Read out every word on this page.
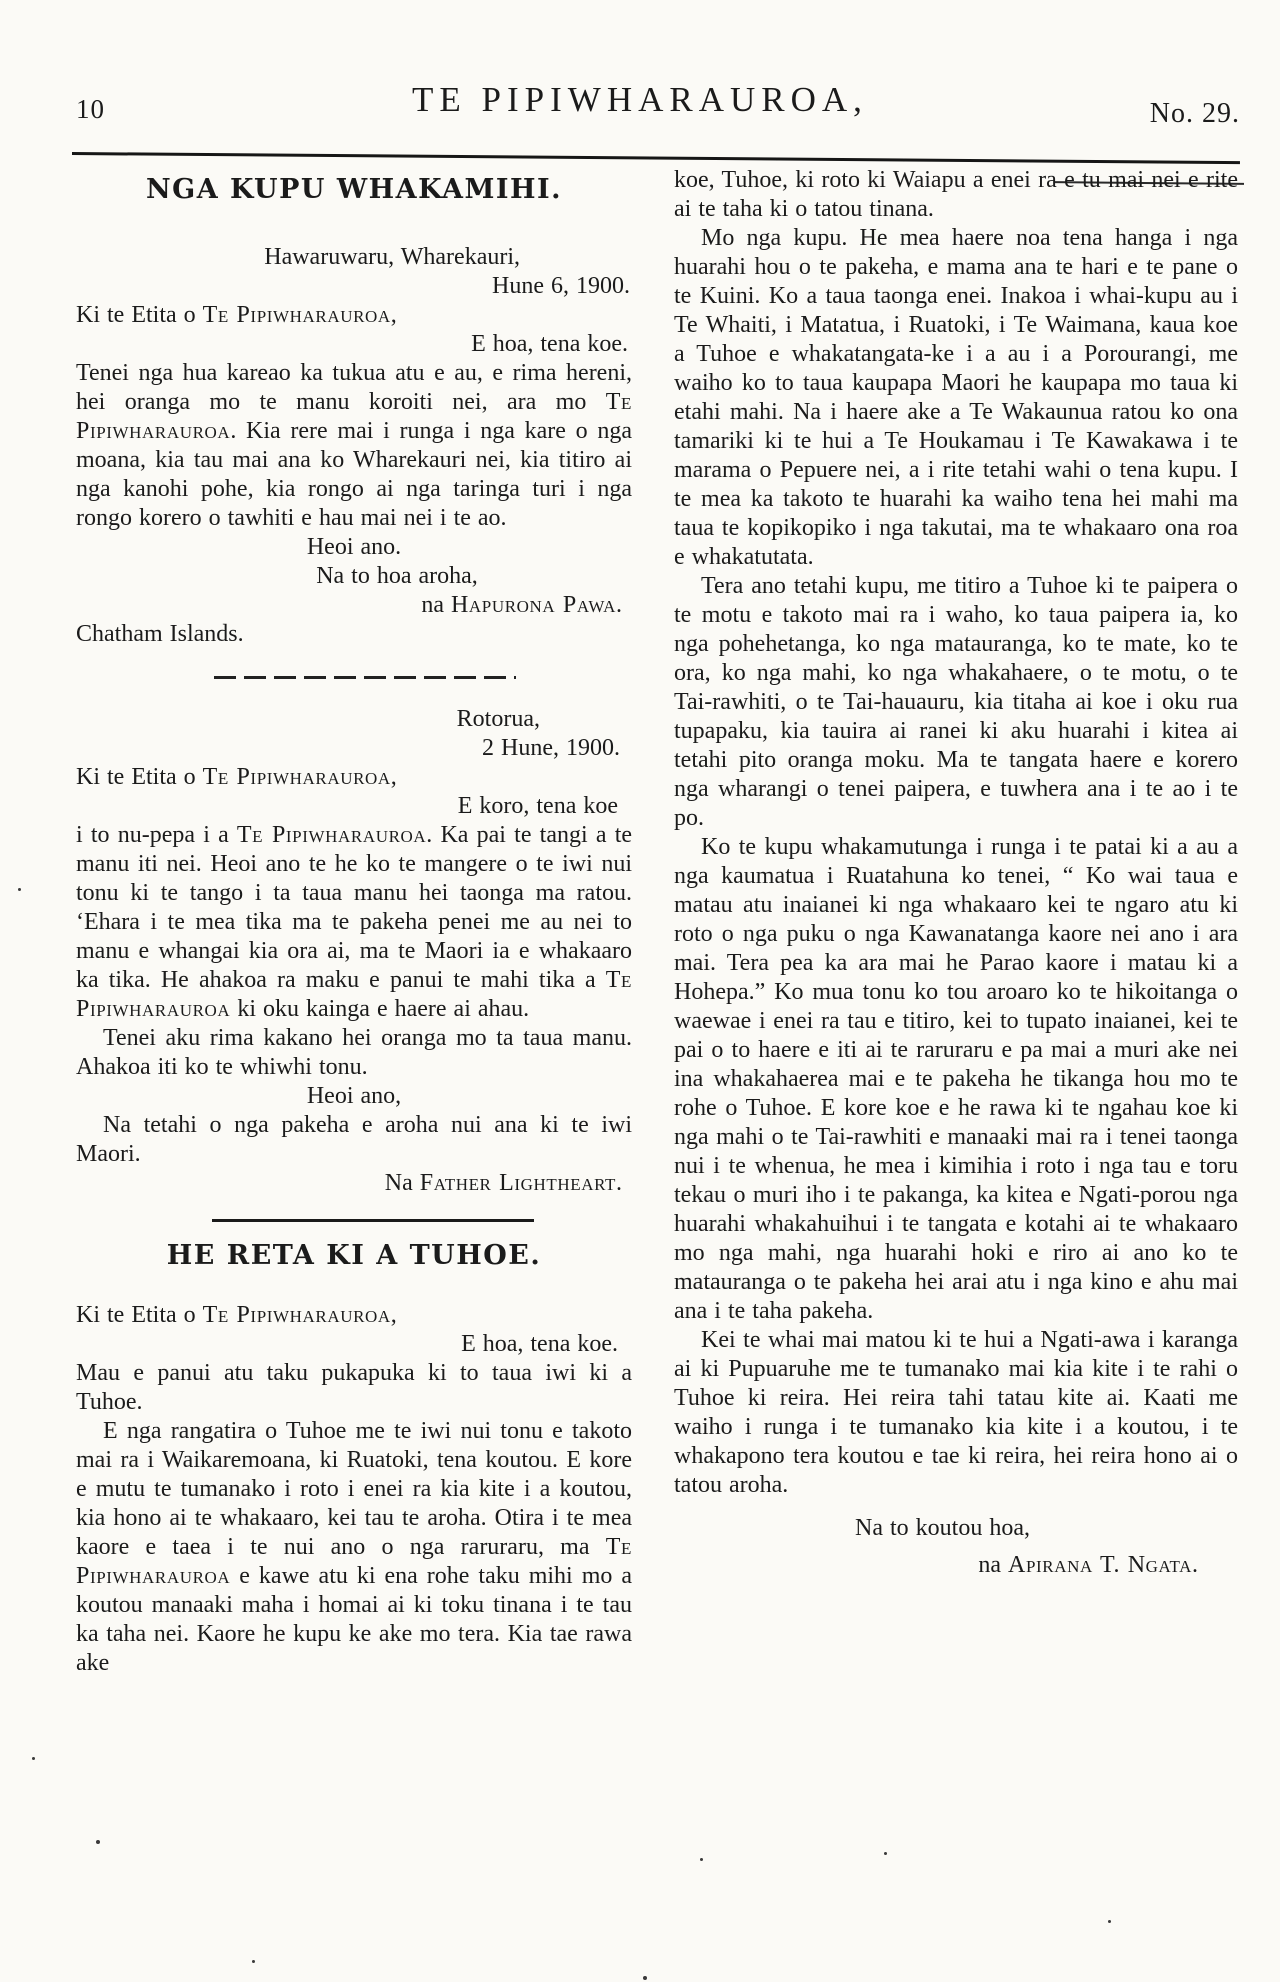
10	TE PIPIWHARAUROA,	No. 29.
NGA KUPU WHAKAMIHI.
Hawaruwaru, Wharekauri,
Hune 6, 1900.
Ki te Etita o Te Pipiwharauroa,
E hoa, tena koe.

Tenei nga hua kareao ka tukua atu e au, e rima hereni, hei oranga mo te manu koroiti nei, ara mo Te Pipiwharauroa. Kia rere mai i runga i nga kare o nga moana, kia tau mai ana ko Wharekauri nei, kia titiro ai nga kanohi pohe, kia rongo ai nga taringa turi i nga rongo korero o tawhiti e hau mai nei i te ao.

Heoi ano.
Na to hoa aroha,
na Hapurona Pawa.
Chatham Islands.
Rotorua,
2 Hune, 1900.
Ki te Etita o Te Pipiwharauroa,
E koro, tena koe

i to nu-pepa i a Te Pipiwharauroa. Ka pai te tangi a te manu iti nei. Heoi ano te he ko te mangere o te iwi nui tonu ki te tango i ta taua manu hei taonga ma ratou. ‘Ehara i te mea tika ma te pakeha penei me au nei to manu e whangai kia ora ai, ma te Maori ia e whakaaro ka tika. He ahakoa ra maku e panui te mahi tika a Te Pipiwharauroa ki oku kainga e haere ai ahau.

Tenei aku rima kakano hei oranga mo ta taua manu. Ahakoa iti ko te whiwhi tonu.

Heoi ano,

Na tetahi o nga pakeha e aroha nui ana ki te iwi Maori.

Na Father Lightheart.
HE RETA KI A TUHOE.
Ki te Etita o Te Pipiwharauroa,
E hoa, tena koe.

Mau e panui atu taku pukapuka ki to taua iwi ki a Tuhoe.

E nga rangatira o Tuhoe me te iwi nui tonu e takoto mai ra i Waikaremoana, ki Ruatoki, tena koutou. E kore e mutu te tumanako i roto i enei ra kia kite i a koutou, kia hono ai te whakaaro, kei tau te aroha. Otira i te mea kaore e taea i te nui ano o nga raruraru, ma Te Pipiwharauroa e kawe atu ki ena rohe taku mihi mo a koutou manaaki maha i homai ai ki toku tinana i te tau ka taha nei. Kaore he kupu ke ake mo tera. Kia tae rawa ake

koe, Tuhoe, ki roto ki Waiapu a enei ra e tu mai nei e rite ai te taha ki o tatou tinana.

Mo nga kupu. He mea haere noa tena hanga i nga huarahi hou o te pakeha, e mama ana te hari e te pane o te Kuini. Ko a taua taonga enei. Inakoa i whai-kupu au i Te Whaiti, i Matatua, i Ruatoki, i Te Waimana, kaua koe a Tuhoe e whakatangata-ke i a au i a Porourangi, me waiho ko to taua kaupapa Maori he kaupapa mo taua ki etahi mahi. Na i haere ake a Te Wakaunua ratou ko ona tamariki ki te hui a Te Houkamau i Te Kawakawa i te marama o Pepuere nei, a i rite tetahi wahi o tena kupu. I te mea ka takoto te huarahi ka waiho tena hei mahi ma taua te kopikopiko i nga takutai, ma te whakaaro ona roa e whakatutata.

Tera ano tetahi kupu, me titiro a Tuhoe ki te paipera o te motu e takoto mai ra i waho, ko taua paipera ia, ko nga pohehetanga, ko nga matauranga, ko te mate, ko te ora, ko nga mahi, ko nga whakahaere, o te motu, o te Tai-rawhiti, o te Tai-hauauru, kia titaha ai koe i oku rua tupapaku, kia tauira ai ranei ki aku huarahi i kitea ai tetahi pito oranga moku. Ma te tangata haere e korero nga wharangi o tenei paipera, e tuwhera ana i te ao i te po.

Ko te kupu whakamutunga i runga i te patai ki a au a nga kaumatua i Ruatahuna ko tenei, “ Ko wai taua e matau atu inaianei ki nga whakaaro kei te ngaro atu ki roto o nga puku o nga Kawanatanga kaore nei ano i ara mai. Tera pea ka ara mai he Parao kaore i matau ki a Hohepa.” Ko mua tonu ko tou aroaro ko te hikoitanga o waewae i enei ra tau e titiro, kei to tupato inaianei, kei te pai o to haere e iti ai te raruraru e pa mai a muri ake nei ina whakahaerea mai e te pakeha he tikanga hou mo te rohe o Tuhoe. E kore koe e he rawa ki te ngahau koe ki nga mahi o te Tai-rawhiti e manaaki mai ra i tenei taonga nui i te whenua, he mea i kimihia i roto i nga tau e toru tekau o muri iho i te pakanga, ka kitea e Ngati-porou nga huarahi whakahuihui i te tangata e kotahi ai te whakaaro mo nga mahi, nga huarahi hoki e riro ai ano ko te matauranga o te pakeha hei arai atu i nga kino e ahu mai ana i te taha pakeha.

Kei te whai mai matou ki te hui a Ngati-awa i karanga ai ki Pupuaruhe me te tumanako mai kia kite i te rahi o Tuhoe ki reira. Hei reira tahi tatau kite ai. Kaati me waiho i runga i te tumanako kia kite i a koutou, i te whakapono tera koutou e tae ki reira, hei reira hono ai o tatou aroha.

Na to koutou hoa,
na Apirana T. Ngata.
